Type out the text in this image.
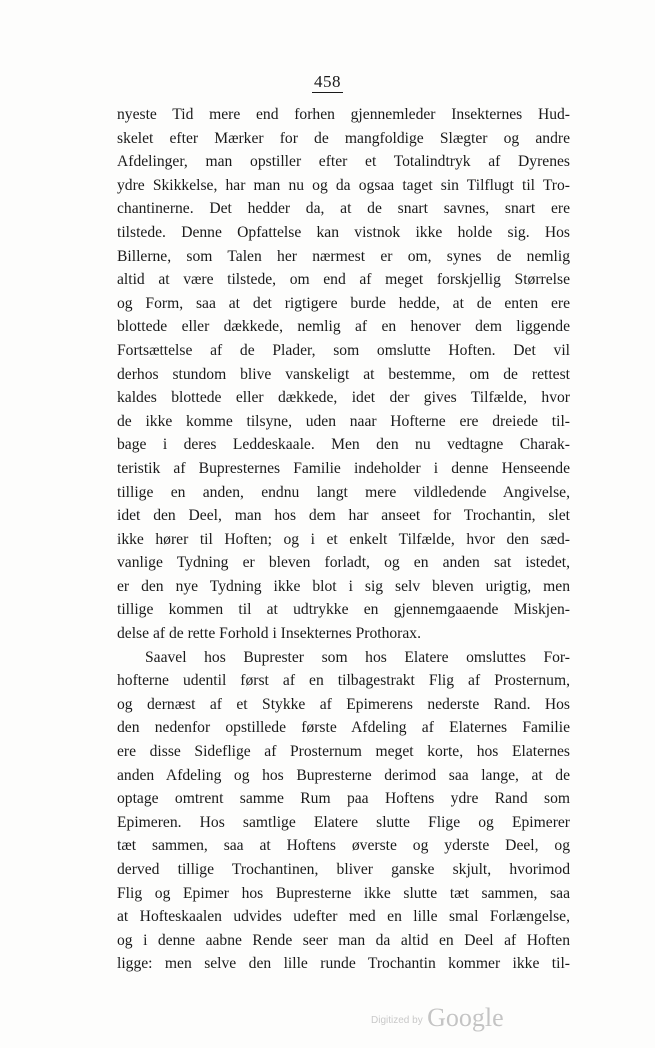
458
nyeste Tid mere end forhen gjennemleder Insekternes Hud-
skelet efter Mærker for de mangfoldige Slægter og andre
Afdelinger, man opstiller efter et Totalindtryk af Dyrenes
ydre Skikkelse, har man nu og da ogsaa taget sin Tilflugt til Tro-
chantinerne. Det hedder da, at de snart savnes, snart ere
tilstede. Denne Opfattelse kan vistnok ikke holde sig. Hos
Billerne, som Talen her nærmest er om, synes de nemlig
altid at være tilstede, om end af meget forskjellig Størrelse
og Form, saa at det rigtigere burde hedde, at de enten ere
blottede eller dækkede, nemlig af en henover dem liggende
Fortsættelse af de Plader, som omslutte Hoften. Det vil
derhos stundom blive vanskeligt at bestemme, om de rettest
kaldes blottede eller dækkede, idet der gives Tilfælde, hvor
de ikke komme tilsyne, uden naar Hofterne ere dreiede til-
bage i deres Leddeskaale. Men den nu vedtagne Charak-
teristik af Bupresternes Familie indeholder i denne Henseende
tillige en anden, endnu langt mere vildledende Angivelse,
idet den Deel, man hos dem har anseet for Trochantin, slet
ikke hører til Hoften; og i et enkelt Tilfælde, hvor den sæd-
vanlige Tydning er bleven forladt, og en anden sat istedet,
er den nye Tydning ikke blot i sig selv bleven urigtig, men
tillige kommen til at udtrykke en gjennemgaaende Miskjen-
delse af de rette Forhold i Insekternes Prothorax.
Saavel hos Buprester som hos Elatere omsluttes For-
hofterne udentil først af en tilbagestrakt Flig af Prosternum,
og dernæst af et Stykke af Epimerens nederste Rand. Hos
den nedenfor opstillede første Afdeling af Elaternes Familie
ere disse Sideflige af Prosternum meget korte, hos Elaternes
anden Afdeling og hos Bupresterne derimod saa lange, at de
optage omtrent samme Rum paa Hoftens ydre Rand som
Epimeren. Hos samtlige Elatere slutte Flige og Epimerer
tæt sammen, saa at Hoftens øverste og yderste Deel, og
derved tillige Trochantinen, bliver ganske skjult, hvorimod
Flig og Epimer hos Bupresterne ikke slutte tæt sammen, saa
at Hofteskaalen udvides udefter med en lille smal Forlængelse,
og i denne aabne Rende seer man da altid en Deel af Hoften
ligge: men selve den lille runde Trochantin kommer ikke til-
Digitized by Google
